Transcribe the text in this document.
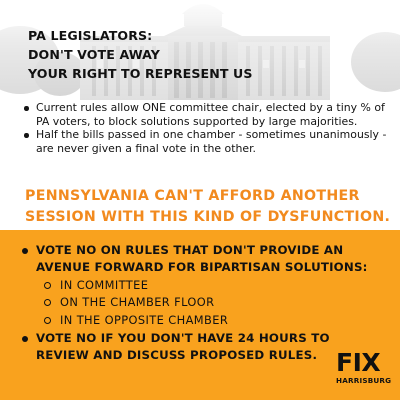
PA LEGISLATORS:
DON'T VOTE AWAY
YOUR RIGHT TO REPRESENT US
Current rules allow ONE committee chair, elected by a tiny % of PA voters, to block solutions supported by large majorities.
Half the bills passed in one chamber - sometimes unanimously - are never given a final vote in the other.

PENNSYLVANIA CAN'T AFFORD ANOTHER
SESSION WITH THIS KIND OF DYSFUNCTION.

VOTE NO ON RULES THAT DON'T PROVIDE AN
AVENUE FORWARD FOR BIPARTISAN SOLUTIONS:
IN COMMITTEE
ON THE CHAMBER FLOOR
IN THE OPPOSITE CHAMBER
VOTE NO IF YOU DON'T HAVE 24 HOURS TO
REVIEW AND DISCUSS PROPOSED RULES. FIX
HARRISBURG
